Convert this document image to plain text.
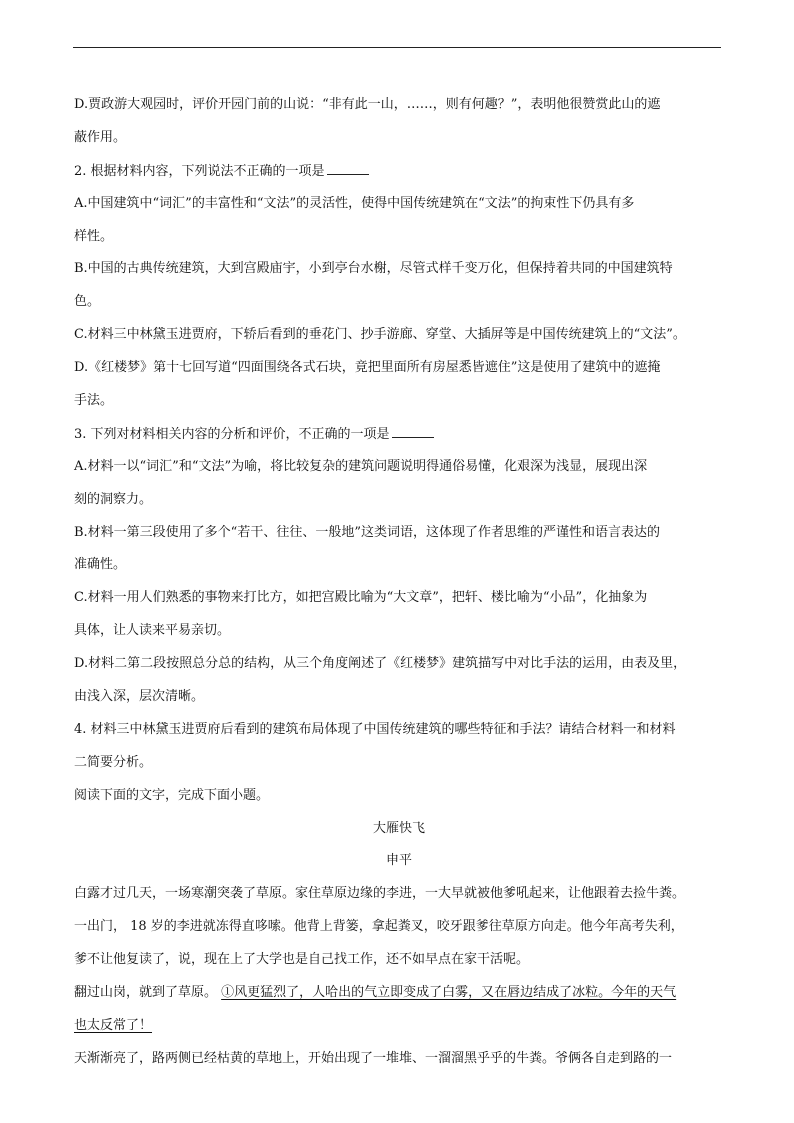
D.贾政游大观园时，评价开园门前的山说：“非有此一山，……，则有何趣？”，表明他很赞赏此山的遮
蔽作用。
2. 根据材料内容，下列说法不正确的一项是
A.中国建筑中“词汇”的丰富性和“文法”的灵活性，使得中国传统建筑在“文法”的拘束性下仍具有多
样性。
B.中国的古典传统建筑，大到宫殿庙宇，小到亭台水榭，尽管式样千变万化，但保持着共同的中国建筑特
色。
C.材料三中林黛玉进贾府，下轿后看到的垂花门、抄手游廊、穿堂、大插屏等是中国传统建筑上的“文法”。
D.《红楼梦》第十七回写道“四面围绕各式石块，竟把里面所有房屋悉皆遮住”这是使用了建筑中的遮掩
手法。
3. 下列对材料相关内容的分析和评价，不正确的一项是
A.材料一以“词汇”和“文法”为喻，将比较复杂的建筑问题说明得通俗易懂，化艰深为浅显，展现出深
刻的洞察力。
B.材料一第三段使用了多个“若干、往往、一般地”这类词语，这体现了作者思维的严谨性和语言表达的
准确性。
C.材料一用人们熟悉的事物来打比方，如把宫殿比喻为“大文章”，把轩、楼比喻为“小品”，化抽象为
具体，让人读来平易亲切。
D.材料二第二段按照总分总的结构，从三个角度阐述了《红楼梦》建筑描写中对比手法的运用，由表及里，
由浅入深，层次清晰。
4. 材料三中林黛玉进贾府后看到的建筑布局体现了中国传统建筑的哪些特征和手法？请结合材料一和材料
二简要分析。
阅读下面的文字，完成下面小题。
大雁快飞
申平
白露才过几天，一场寒潮突袭了草原。家住草原边缘的李进，一大早就被他爹吼起来，让他跟着去捡牛粪。
一出门， 18 岁的李进就冻得直哆嗦。他背上背篓，拿起粪叉，咬牙跟爹往草原方向走。他今年高考失利，
爹不让他复读了，说，现在上了大学也是自己找工作，还不如早点在家干活呢。
翻过山岗，就到了草原。 ①风更猛烈了，人哈出的气立即变成了白雾，又在唇边结成了冰粒。今年的天气
也太反常了！
天渐渐亮了，路两侧已经枯黄的草地上，开始出现了一堆堆、一溜溜黑乎乎的牛粪。爷俩各自走到路的一
